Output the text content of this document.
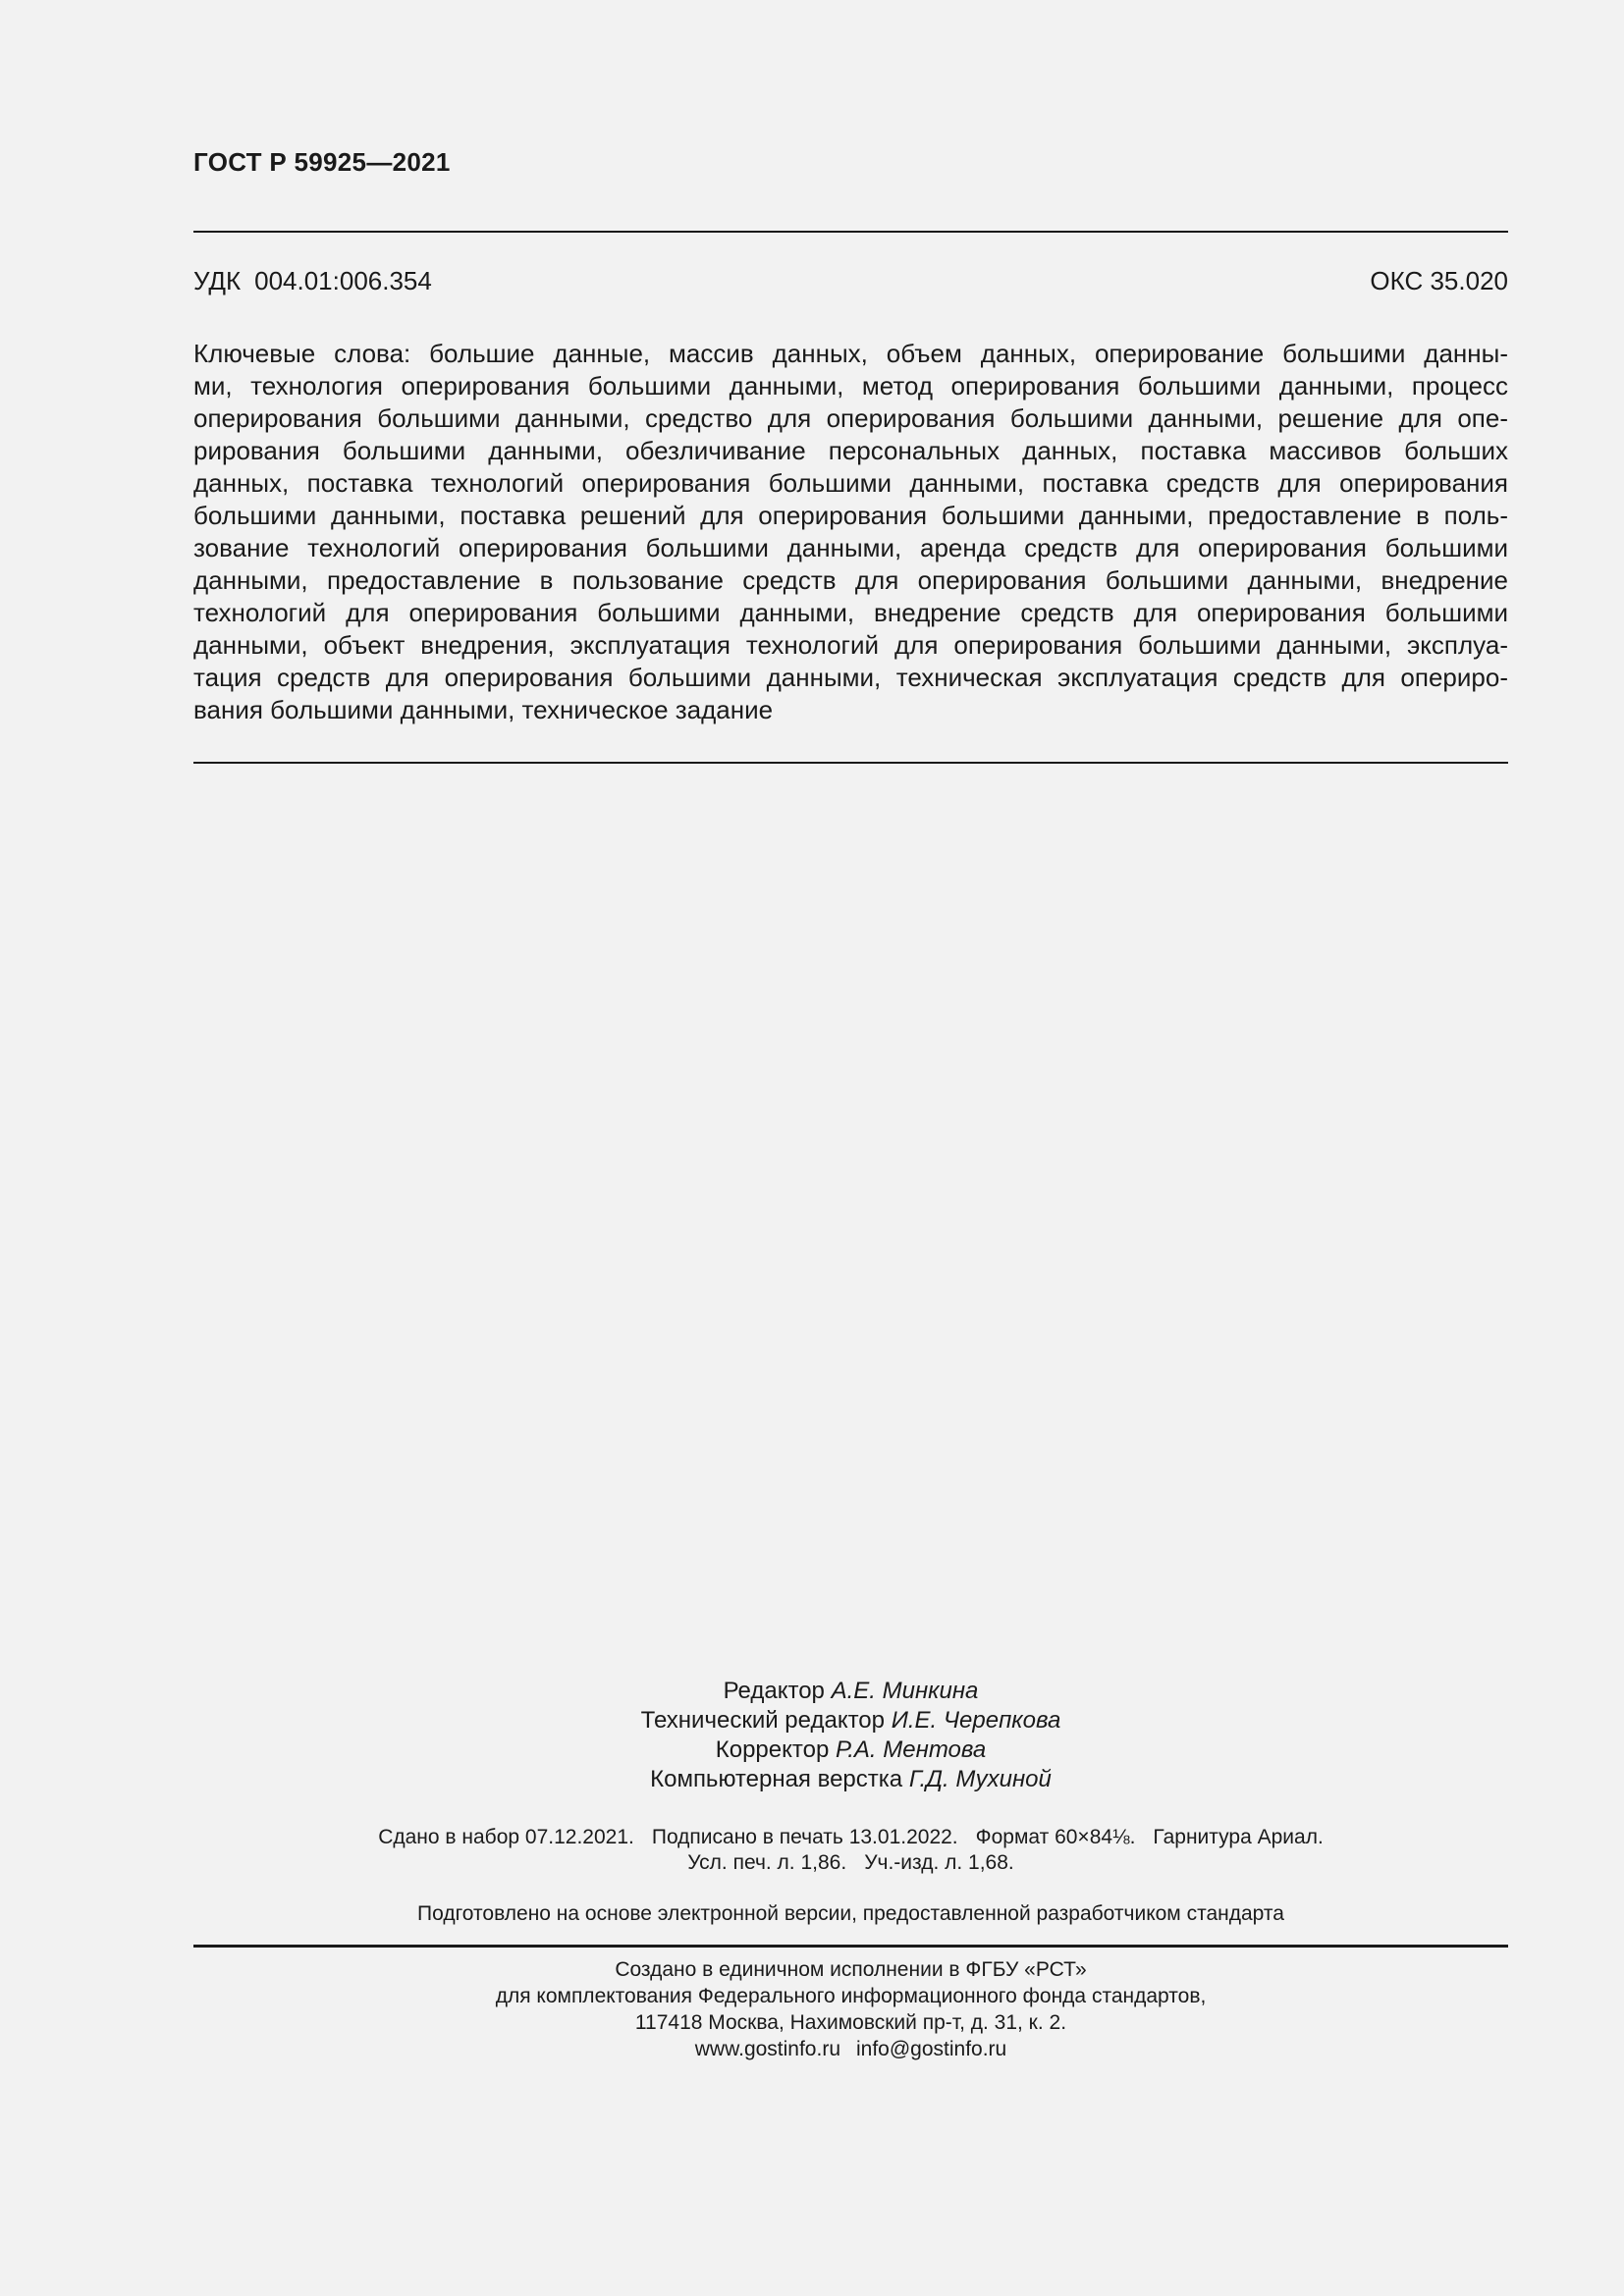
ГОСТ Р 59925—2021
УДК 004.01:006.354	ОКС 35.020
Ключевые слова: большие данные, массив данных, объем данных, оперирование большими данны-
ми, технология оперирования большими данными, метод оперирования большими данными, процесс
оперирования большими данными, средство для оперирования большими данными, решение для опе-
рирования большими данными, обезличивание персональных данных, поставка массивов больших
данных, поставка технологий оперирования большими данными, поставка средств для оперирования
большими данными, поставка решений для оперирования большими данными, предоставление в поль-
зование технологий оперирования большими данными, аренда средств для оперирования большими
данными, предоставление в пользование средств для оперирования большими данными, внедрение
технологий для оперирования большими данными, внедрение средств для оперирования большими
данными, объект внедрения, эксплуатация технологий для оперирования большими данными, эксплуа-
тация средств для оперирования большими данными, техническая эксплуатация средств для опериро-
вания большими данными, техническое задание
Редактор А.Е. Минкина
Технический редактор И.Е. Черепкова
Корректор Р.А. Ментова
Компьютерная верстка Г.Д. Мухиной
Сдано в набор 07.12.2021. Подписано в печать 13.01.2022. Формат 60×84⅛. Гарнитура Ариал.
Усл. печ. л. 1,86. Уч.-изд. л. 1,68.
Подготовлено на основе электронной версии, предоставленной разработчиком стандарта
Создано в единичном исполнении в ФГБУ «РСТ»
для комплектования Федерального информационного фонда стандартов,
117418 Москва, Нахимовский пр-т, д. 31, к. 2.
www.gostinfo.ru info@gostinfo.ru
